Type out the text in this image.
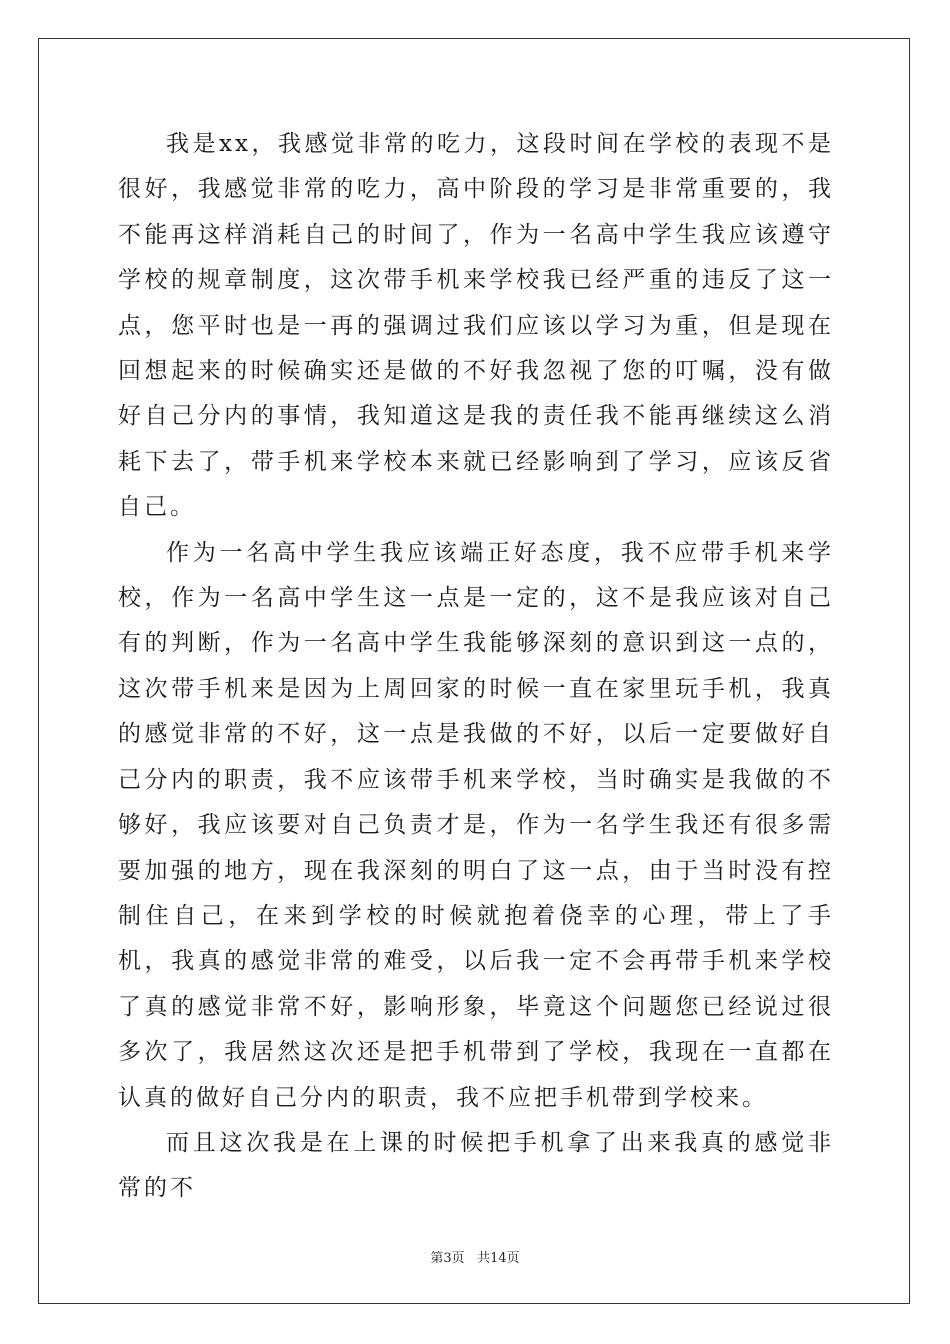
我是xx，我感觉非常的吃力，这段时间在学校的表现不是很好，我感觉非常的吃力，高中阶段的学习是非常重要的，我不能再这样消耗自己的时间了，作为一名高中学生我应该遵守学校的规章制度，这次带手机来学校我已经严重的违反了这一点，您平时也是一再的强调过我们应该以学习为重，但是现在回想起来的时候确实还是做的不好我忽视了您的叮嘱，没有做好自己分内的事情，我知道这是我的责任我不能再继续这么消耗下去了，带手机来学校本来就已经影响到了学习，应该反省自己。

作为一名高中学生我应该端正好态度，我不应带手机来学校，作为一名高中学生这一点是一定的，这不是我应该对自己有的判断，作为一名高中学生我能够深刻的意识到这一点的，这次带手机来是因为上周回家的时候一直在家里玩手机，我真的感觉非常的不好，这一点是我做的不好，以后一定要做好自己分内的职责，我不应该带手机来学校，当时确实是我做的不够好，我应该要对自己负责才是，作为一名学生我还有很多需要加强的地方，现在我深刻的明白了这一点，由于当时没有控制住自己，在来到学校的时候就抱着侥幸的心理，带上了手机，我真的感觉非常的难受，以后我一定不会再带手机来学校了真的感觉非常不好，影响形象，毕竟这个问题您已经说过很多次了，我居然这次还是把手机带到了学校，我现在一直都在认真的做好自己分内的职责，我不应把手机带到学校来。

而且这次我是在上课的时候把手机拿了出来我真的感觉非常的不

第3页 共14页
